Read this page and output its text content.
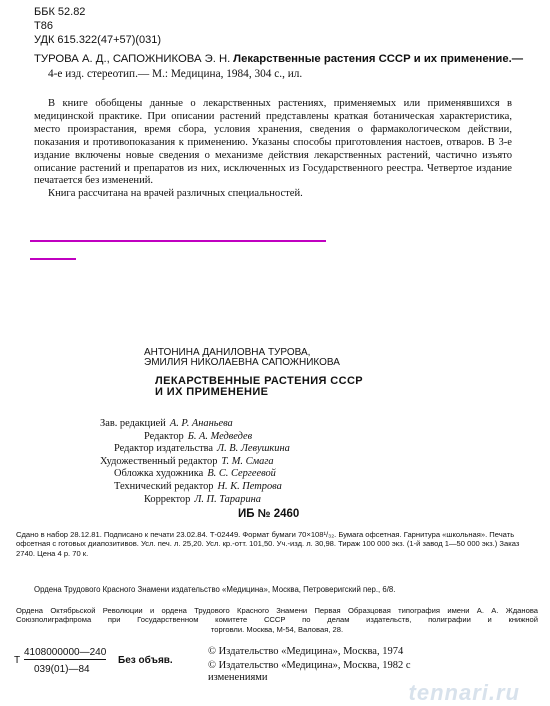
ББК 52.82
Т86
УДК 615.322(47+57)(031)
ТУРОВА А. Д., САПОЖНИКОВА Э. Н. Лекарственные растения СССР и их применение.—
4-е изд. стереотип.— М.: Медицина, 1984, 304 с., ил.

В книге обобщены данные о лекарственных растениях, применяемых или применявшихся в медицинской практике. При описании растений представлены краткая ботаническая характеристика, место произрастания, время сбора, условия хранения, сведения о фармакологическом действии, показания и противопоказания к применению. Указаны способы приготовления настоев, отваров. В 3-е издание включены новые сведения о механизме действия лекарственных растений, частично изъято описание растений и препаратов из них, исключенных из Государственного реестра. Четвертое издание печатается без изменений.

Книга рассчитана на врачей различных специальностей.

АНТОНИНА ДАНИЛОВНА ТУРОВА,
ЭМИЛИЯ НИКОЛАЕВНА САПОЖНИКОВА
ЛЕКАРСТВЕННЫЕ РАСТЕНИЯ СССР
И ИХ ПРИМЕНЕНИЕ
Зав. редакцией А. Р. Ананьева
Редактор Б. А. Медведев
Редактор издательства Л. В. Левушкина
Художественный редактор Т. М. Смага
Обложка художника В. С. Сергеевой
Технический редактор Н. К. Петрова
Корректор Л. П. Тарарина
ИБ № 2460
Сдано в набор 28.12.81. Подписано к печати 23.02.84. Т-02449. Формат бумаги 70×108¹/₃₂. Бумага офсетная. Гарнитура «школьная». Печать офсетная с готовых диапозитивов. Усл. печ. л. 25,20. Усл. кр.-отт. 101,50. Уч.-изд. л. 30,98. Тираж 100 000 экз. (1-й завод 1—50 000 экз.) Заказ 2740. Цена 4 р. 70 к.
Ордена Трудового Красного Знамени издательство «Медицина», Москва, Петроверигский пер., 6/8.
Ордена Октябрьской Революции и ордена Трудового Красного Знамени Первая Образцовая типография имени А. А. Жданова Союзполиграфпрома при Государственном комитете СССР по делам издательств, полиграфии и книжной
торговли. Москва, М-54, Валовая, 28.
Т
4108000000—240
039(01)—84
Без объяв.
© Издательство «Медицина», Москва, 1974
© Издательство «Медицина», Москва, 1982 с изменениями
tennari.ru
